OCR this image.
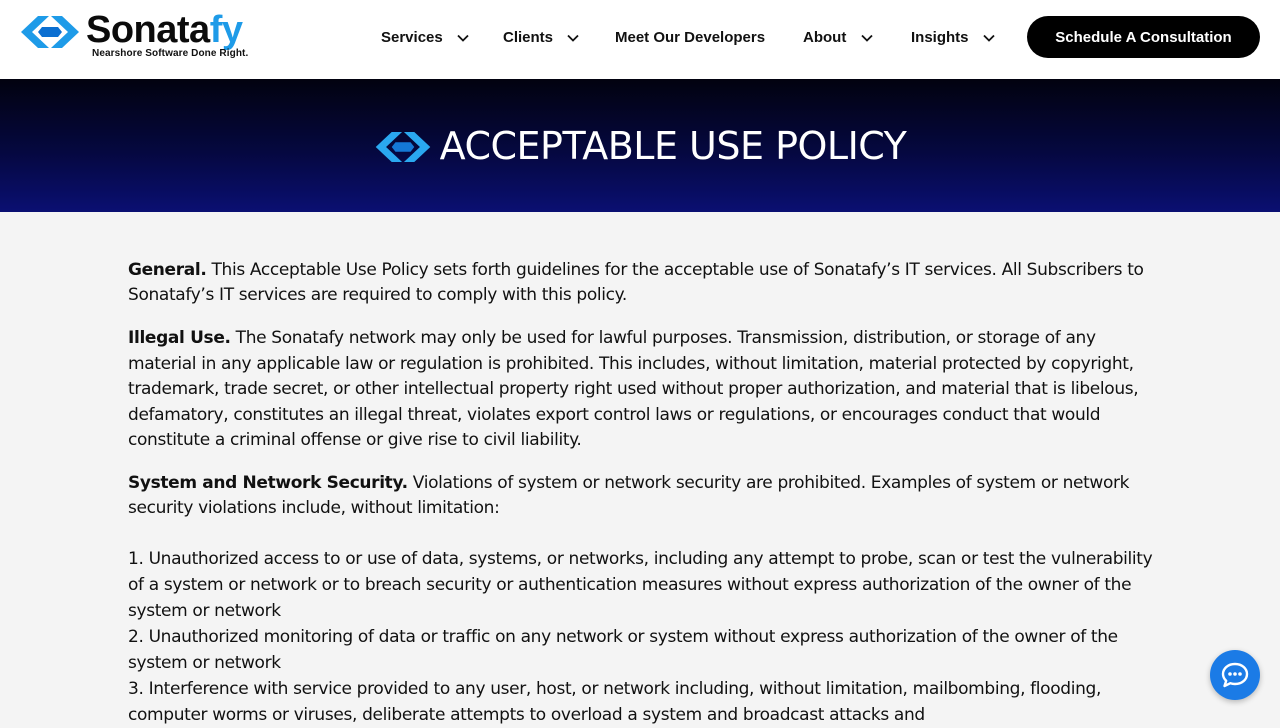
Sonatafy
Nearshore Software Done Right.
Services	Clients	Meet Our Developers	About	Insights	Schedule A Consultation
ACCEPTABLE USE POLICY

General. This Acceptable Use Policy sets forth guidelines for the acceptable use of Sonatafy’s IT services. All Subscribers to Sonatafy’s IT services are required to comply with this policy.

Illegal Use. The Sonatafy network may only be used for lawful purposes. Transmission, distribution, or storage of any material in any applicable law or regulation is prohibited. This includes, without limitation, material protected by copyright, trademark, trade secret, or other intellectual property right used without proper authorization, and material that is libelous, defamatory, constitutes an illegal threat, violates export control laws or regulations, or encourages conduct that would constitute a criminal offense or give rise to civil liability.

System and Network Security. Violations of system or network security are prohibited. Examples of system or network security violations include, without limitation:

1. Unauthorized access to or use of data, systems, or networks, including any attempt to probe, scan or test the vulnerability of a system or network or to breach security or authentication measures without express authorization of the owner of the system or network
2. Unauthorized monitoring of data or traffic on any network or system without express authorization of the owner of the system or network
3. Interference with service provided to any user, host, or network including, without limitation, mailbombing, flooding, computer worms or viruses, deliberate attempts to overload a system and broadcast attacks and
